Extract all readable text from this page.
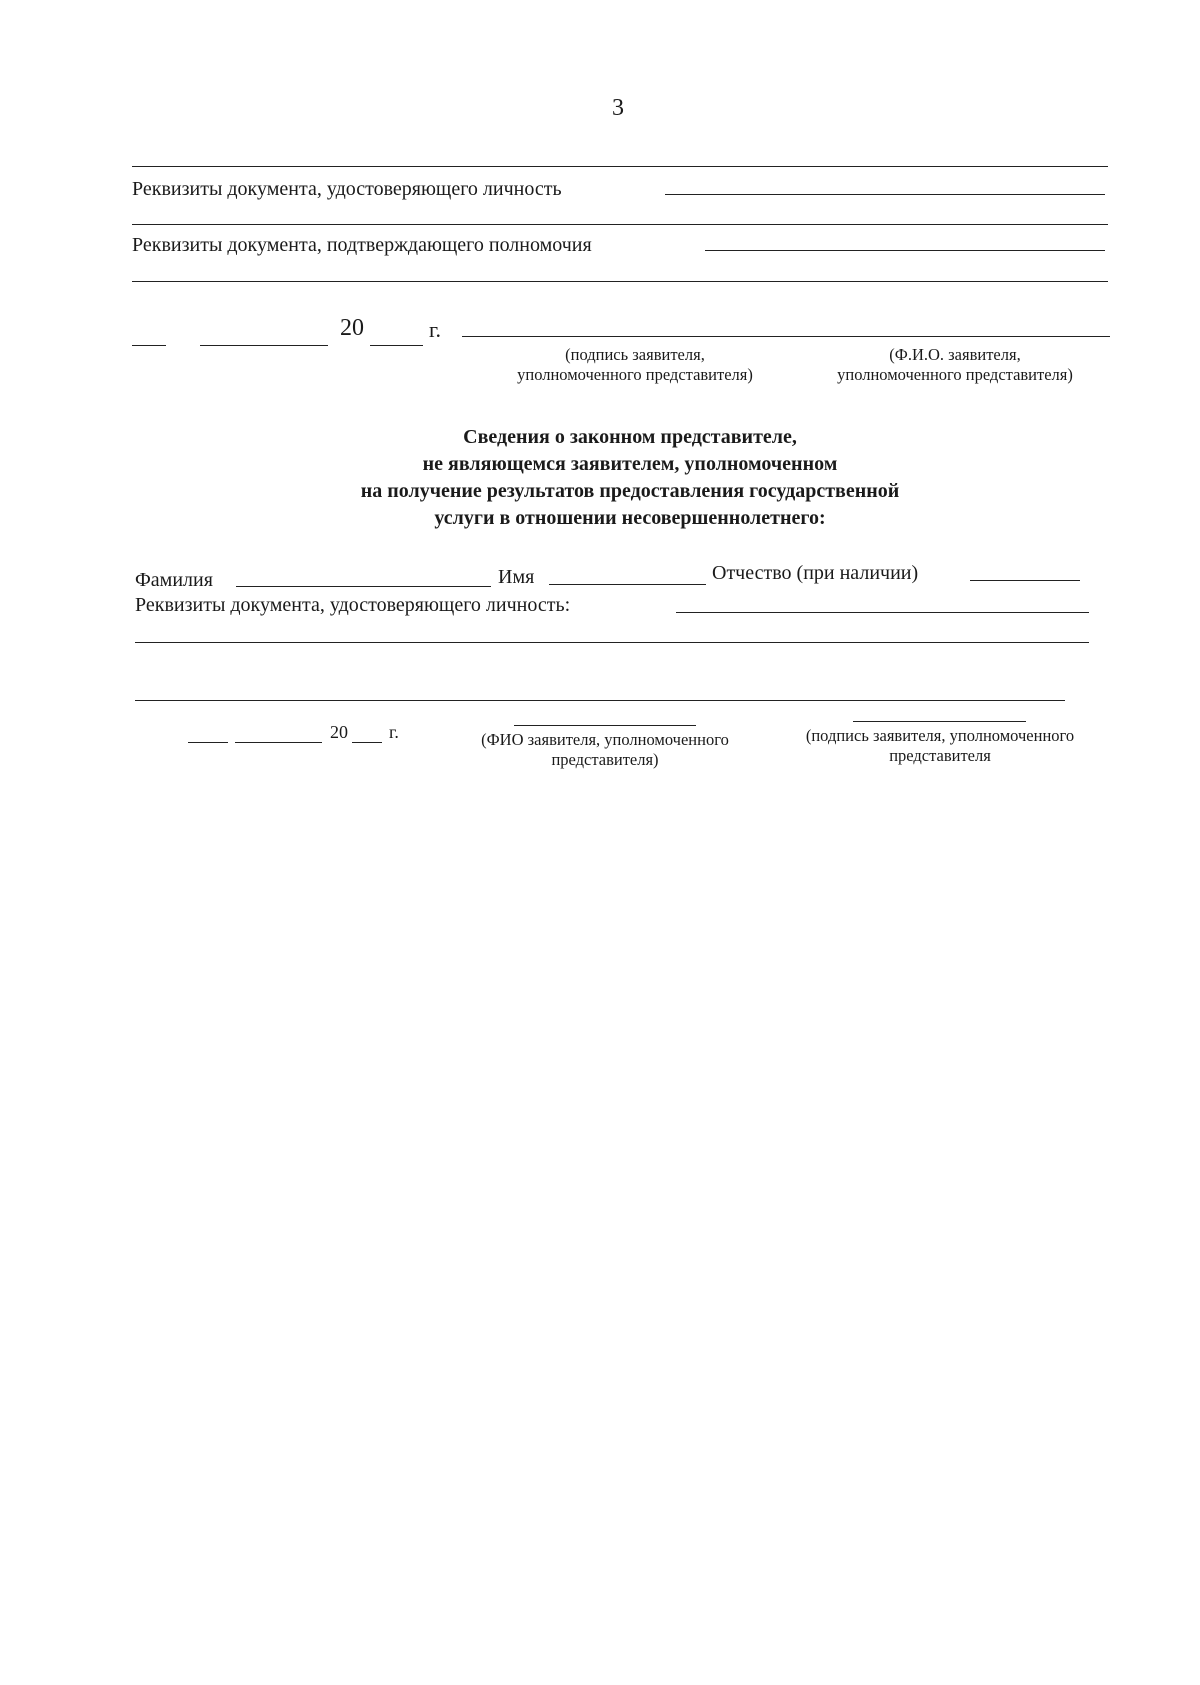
3
Реквизиты документа, удостоверяющего личность
Реквизиты документа, подтверждающего полномочия
20	г.
(подпись заявителя,
уполномоченного представителя)
(Ф.И.О. заявителя,
уполномоченного представителя)
Сведения о законном представителе,
не являющемся заявителем, уполномоченном
на получение результатов предоставления государственной
услуги в отношении несовершеннолетнего:
Фамилия	Имя	Отчество (при наличии)
Реквизиты документа, удостоверяющего личность:
20 г.	(ФИО заявителя, уполномоченного
представителя)
(подпись заявителя, уполномоченного
представителя
